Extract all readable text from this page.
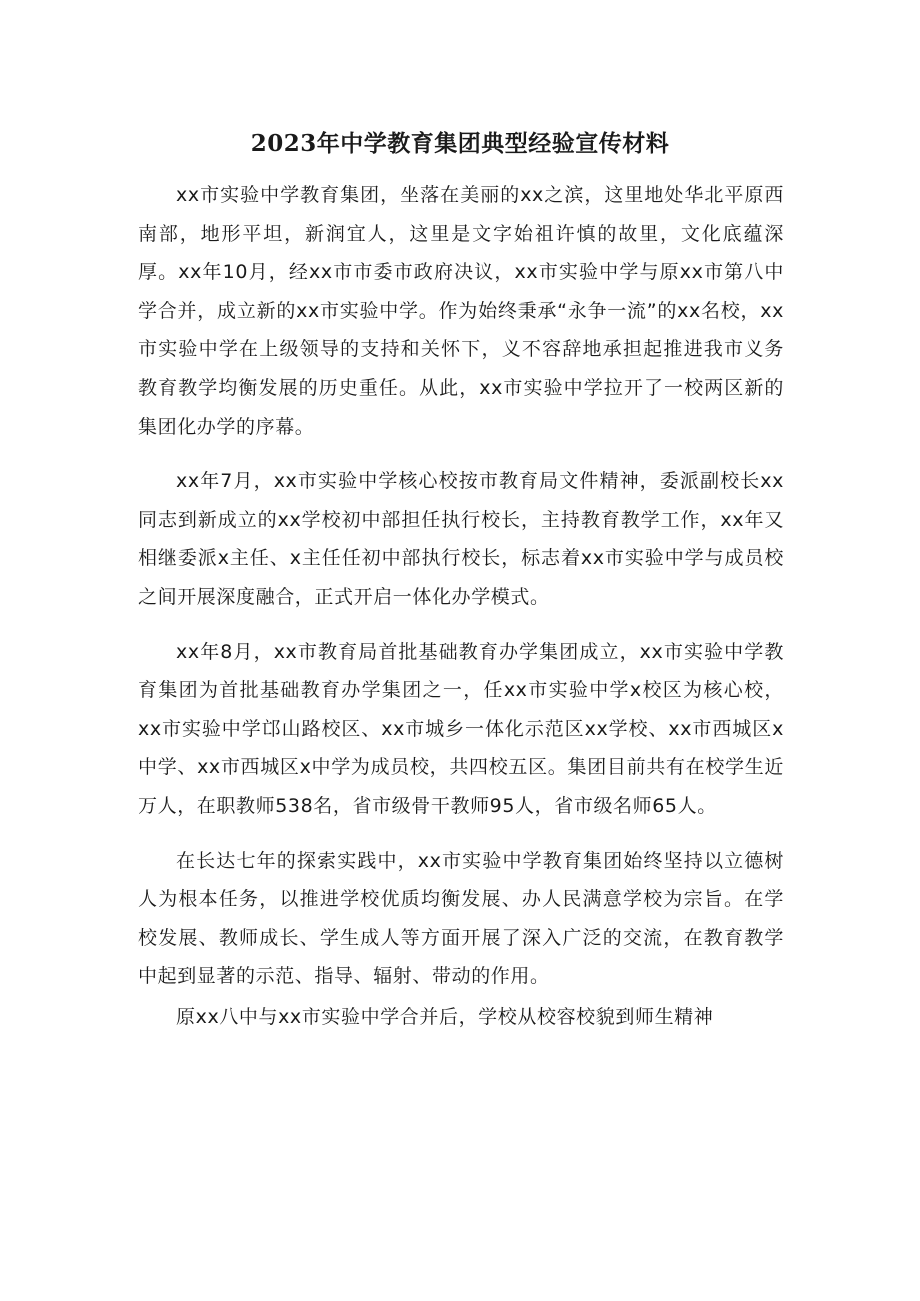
2023年中学教育集团典型经验宣传材料

xx市实验中学教育集团，坐落在美丽的xx之滨，这里地处华北平原西南部，地形平坦，新润宜人，这里是文字始祖许慎的故里，文化底蕴深厚。xx年10月，经xx市市委市政府决议，xx市实验中学与原xx市第八中学合并，成立新的xx市实验中学。作为始终秉承“永争一流”的xx名校，xx市实验中学在上级领导的支持和关怀下，义不容辞地承担起推进我市义务教育教学均衡发展的历史重任。从此，xx市实验中学拉开了一校两区新的集团化办学的序幕。

xx年7月，xx市实验中学核心校按市教育局文件精神，委派副校长xx同志到新成立的xx学校初中部担任执行校长，主持教育教学工作，xx年又相继委派x主任、x主任任初中部执行校长，标志着xx市实验中学与成员校之间开展深度融合，正式开启一体化办学模式。

xx年8月，xx市教育局首批基础教育办学集团成立，xx市实验中学教育集团为首批基础教育办学集团之一，任xx市实验中学x校区为核心校，xx市实验中学邙山路校区、xx市城乡一体化示范区xx学校、xx市西城区x中学、xx市西城区x中学为成员校，共四校五区。集团目前共有在校学生近万人，在职教师538名，省市级骨干教师95人，省市级名师65人。

在长达七年的探索实践中，xx市实验中学教育集团始终坚持以立德树人为根本任务，以推进学校优质均衡发展、办人民满意学校为宗旨。在学校发展、教师成长、学生成人等方面开展了深入广泛的交流，在教育教学中起到显著的示范、指导、辐射、带动的作用。

原xx八中与xx市实验中学合并后，学校从校容校貌到师生精神
